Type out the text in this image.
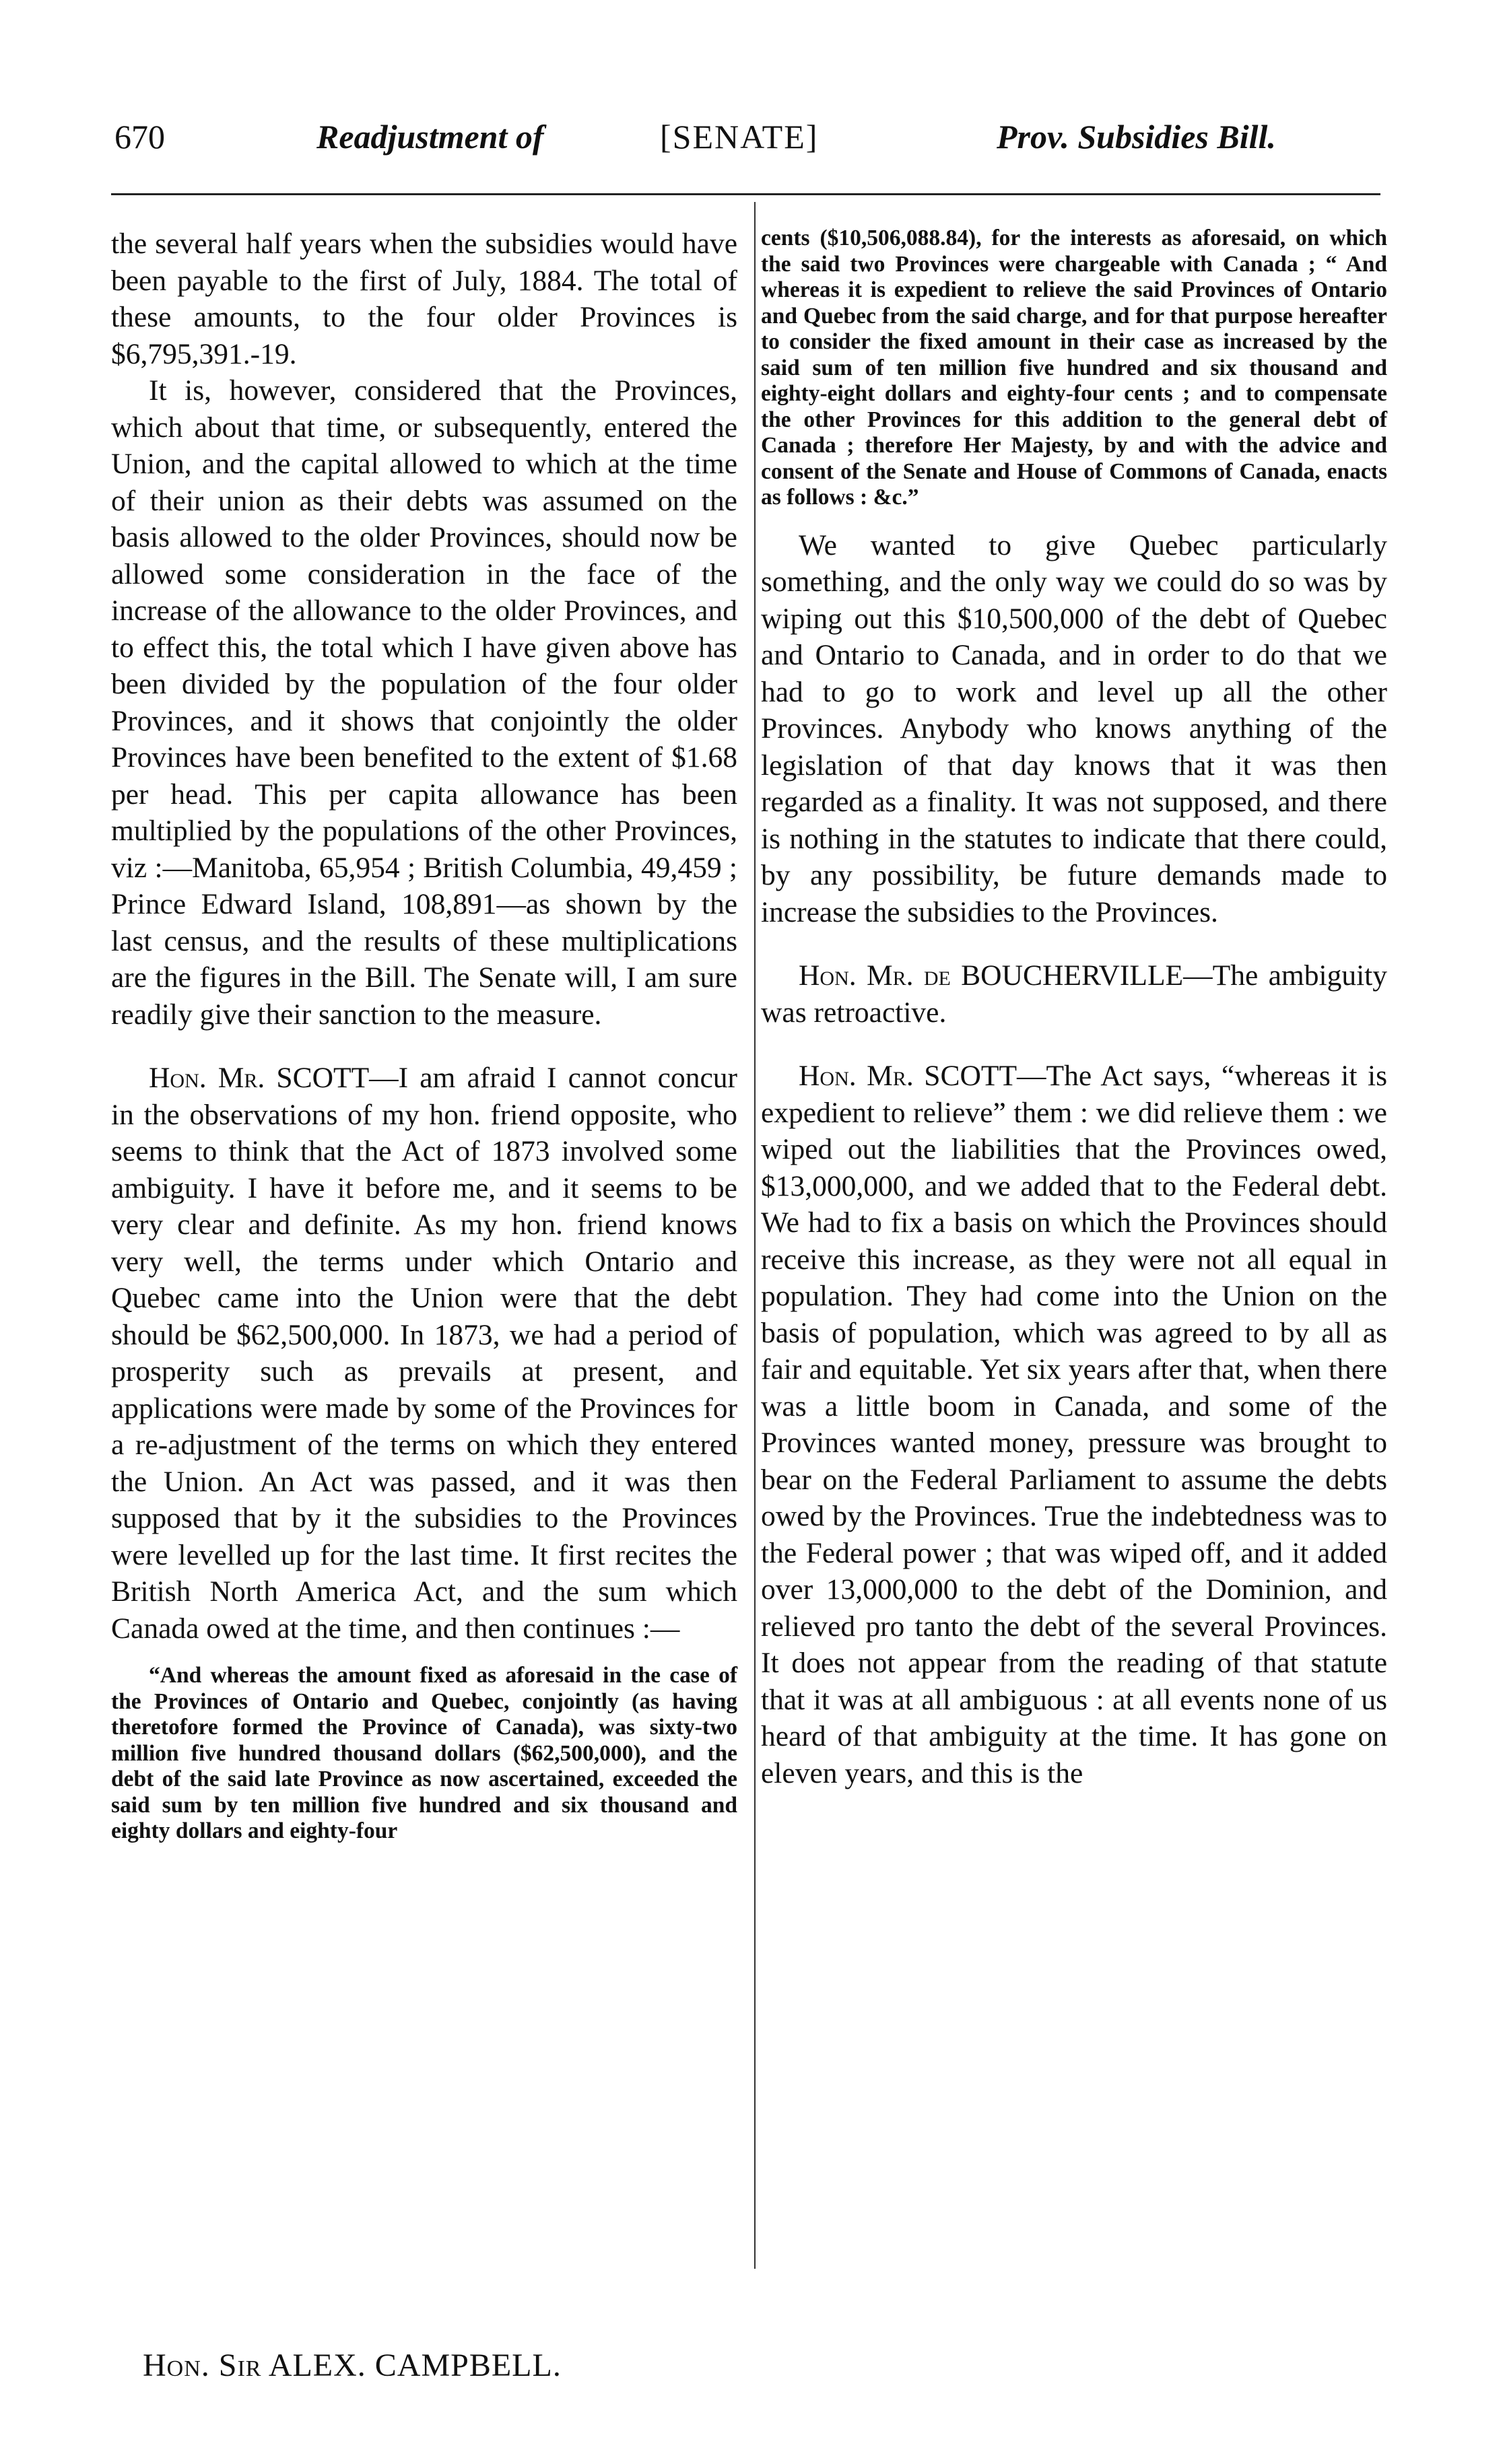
670	Readjustment of	[SENATE]	Prov. Subsidies Bill.

the several half years when the subsidies would have been payable to the first of July, 1884. The total of these amounts, to the four older Provinces is $6,795,391.-19.

It is, however, considered that the Provinces, which about that time, or subsequently, entered the Union, and the capital allowed to which at the time of their union as their debts was assumed on the basis allowed to the older Provinces, should now be allowed some consideration in the face of the increase of the allowance to the older Provinces, and to effect this, the total which I have given above has been divided by the population of the four older Provinces, and it shows that conjointly the older Provinces have been benefited to the extent of $1.68 per head. This per capita allowance has been multiplied by the populations of the other Provinces, viz :—Manitoba, 65,954 ; British Columbia, 49,459 ; Prince Edward Island, 108,891—as shown by the last census, and the results of these multiplications are the figures in the Bill. The Senate will, I am sure readily give their sanction to the measure.

Hon. Mr. SCOTT—I am afraid I cannot concur in the observations of my hon. friend opposite, who seems to think that the Act of 1873 involved some ambiguity. I have it before me, and it seems to be very clear and definite. As my hon. friend knows very well, the terms under which Ontario and Quebec came into the Union were that the debt should be $62,500,000. In 1873, we had a period of prosperity such as prevails at present, and applications were made by some of the Provinces for a re-adjustment of the terms on which they entered the Union. An Act was passed, and it was then supposed that by it the subsidies to the Provinces were levelled up for the last time. It first recites the British North America Act, and the sum which Canada owed at the time, and then continues :—

“And whereas the amount fixed as aforesaid in the case of the Provinces of Ontario and Quebec, conjointly (as having theretofore formed the Province of Canada), was sixty-two million five hundred thousand dollars ($62,500,000), and the debt of the said late Province as now ascertained, exceeded the said sum by ten million five hundred and six thousand and eighty dollars and eighty-four

cents ($10,506,088.84), for the interests as aforesaid, on which the said two Provinces were chargeable with Canada ; “ And whereas it is expedient to relieve the said Provinces of Ontario and Quebec from the said charge, and for that purpose hereafter to consider the fixed amount in their case as increased by the said sum of ten million five hundred and six thousand and eighty-eight dollars and eighty-four cents ; and to compensate the other Provinces for this addition to the general debt of Canada ; therefore Her Majesty, by and with the advice and consent of the Senate and House of Commons of Canada, enacts as follows : &c.”

We wanted to give Quebec particularly something, and the only way we could do so was by wiping out this $10,500,000 of the debt of Quebec and Ontario to Canada, and in order to do that we had to go to work and level up all the other Provinces. Anybody who knows anything of the legislation of that day knows that it was then regarded as a finality. It was not supposed, and there is nothing in the statutes to indicate that there could, by any possibility, be future demands made to increase the subsidies to the Provinces.

Hon. Mr. de BOUCHERVILLE—The ambiguity was retroactive.

Hon. Mr. SCOTT—The Act says, “whereas it is expedient to relieve” them : we did relieve them : we wiped out the liabilities that the Provinces owed, $13,000,000, and we added that to the Federal debt. We had to fix a basis on which the Provinces should receive this increase, as they were not all equal in population. They had come into the Union on the basis of population, which was agreed to by all as fair and equitable. Yet six years after that, when there was a little boom in Canada, and some of the Provinces wanted money, pressure was brought to bear on the Federal Parliament to assume the debts owed by the Provinces. True the indebtedness was to the Federal power ; that was wiped off, and it added over 13,000,000 to the debt of the Dominion, and relieved pro tanto the debt of the several Provinces. It does not appear from the reading of that statute that it was at all ambiguous : at all events none of us heard of that ambiguity at the time. It has gone on eleven years, and this is the

Hon. Sir ALEX. CAMPBELL.
